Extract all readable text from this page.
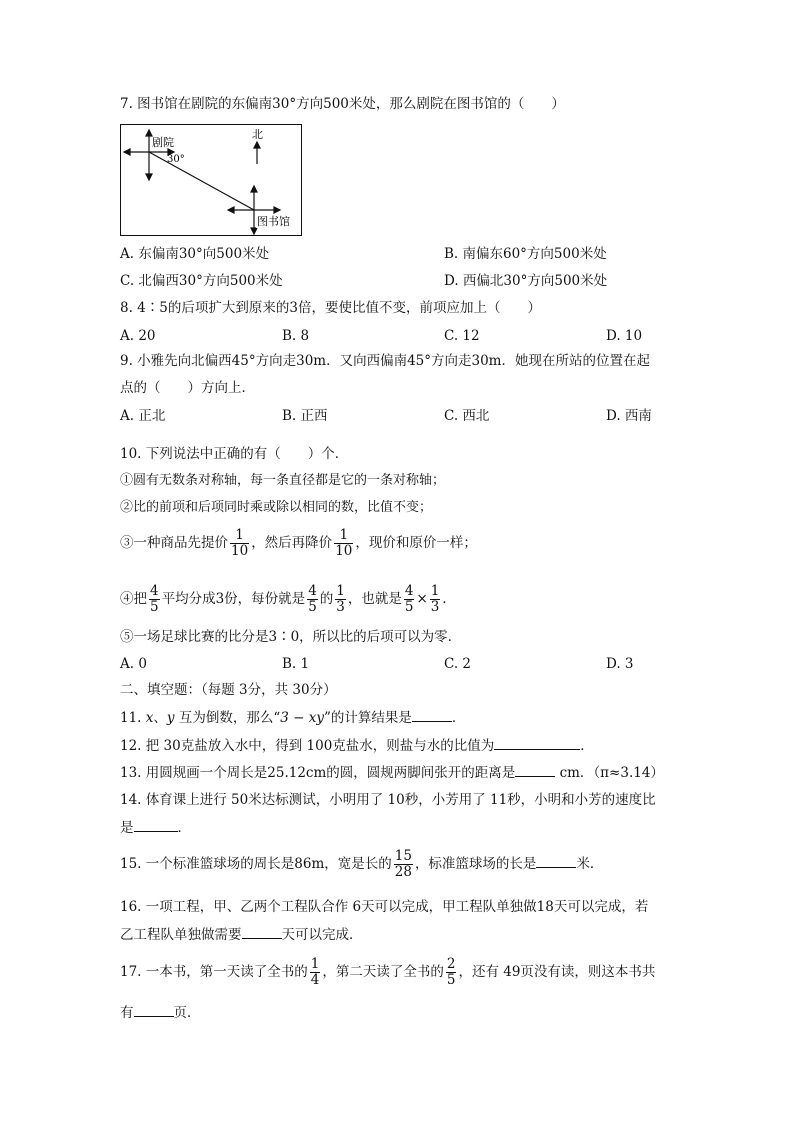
7. 图书馆在剧院的东偏南30°方向500米处，那么剧院在图书馆的（　　）
剧院
30°
北
图书馆
A. 东偏南30°向500米处	B. 南偏东60°方向500米处
C. 北偏西30°方向500米处	D. 西偏北30°方向500米处
8. 4∶5的后项扩大到原来的3倍，要使比值不变，前项应加上（　　）
A. 20	B. 8	C. 12	D. 10
9. 小雅先向北偏西45°方向走30m．又向西偏南45°方向走30m．她现在所站的位置在起
点的（　　）方向上．
A. 正北	B. 正西	C. 西北	D. 西南
10. 下列说法中正确的有（　　）个．
①圆有无数条对称轴，每一条直径都是它的一条对称轴；
②比的前项和后项同时乘或除以相同的数，比值不变；
③一种商品先提价 $\frac{1}{10}$ ，然后再降价 $\frac{1}{10}$ ，现价和原价一样；
④把 $\frac{4}{5}$ 平均分成3份，每份就是 $\frac{4}{5}$ 的 $\frac{1}{3}$ ，也就是 $\frac{4}{5} \times \frac{1}{3}$ ．
⑤一场足球比赛的比分是3∶0，所以比的后项可以为零．
A. 0	B. 1	C. 2	D. 3
二、填空题：（每题 3分，共 30分）
11. x、y 互为倒数，那么“3 − xy”的计算结果是	．
12. 把 30克盐放入水中，得到 100克盐水，则盐与水的比值为	．
13. 用圆规画一个周长是25.12cm的圆，圆规两脚间张开的距离是	cm．（π≈3.14）
14. 体育课上进行 50米达标测试，小明用了 10秒，小芳用了 11秒，小明和小芳的速度比
是	．
15. 一个标准篮球场的周长是86m，宽是长的 $\frac{15}{28}$ ，标准篮球场的长是	米．
16. 一项工程，甲、乙两个工程队合作 6天可以完成，甲工程队单独做18天可以完成，若
乙工程队单独做需要	天可以完成．
17. 一本书，第一天读了全书的 $\frac{1}{4}$ ，第二天读了全书的 $\frac{2}{5}$ ，还有 49页没有读，则这本书共
有	页．
